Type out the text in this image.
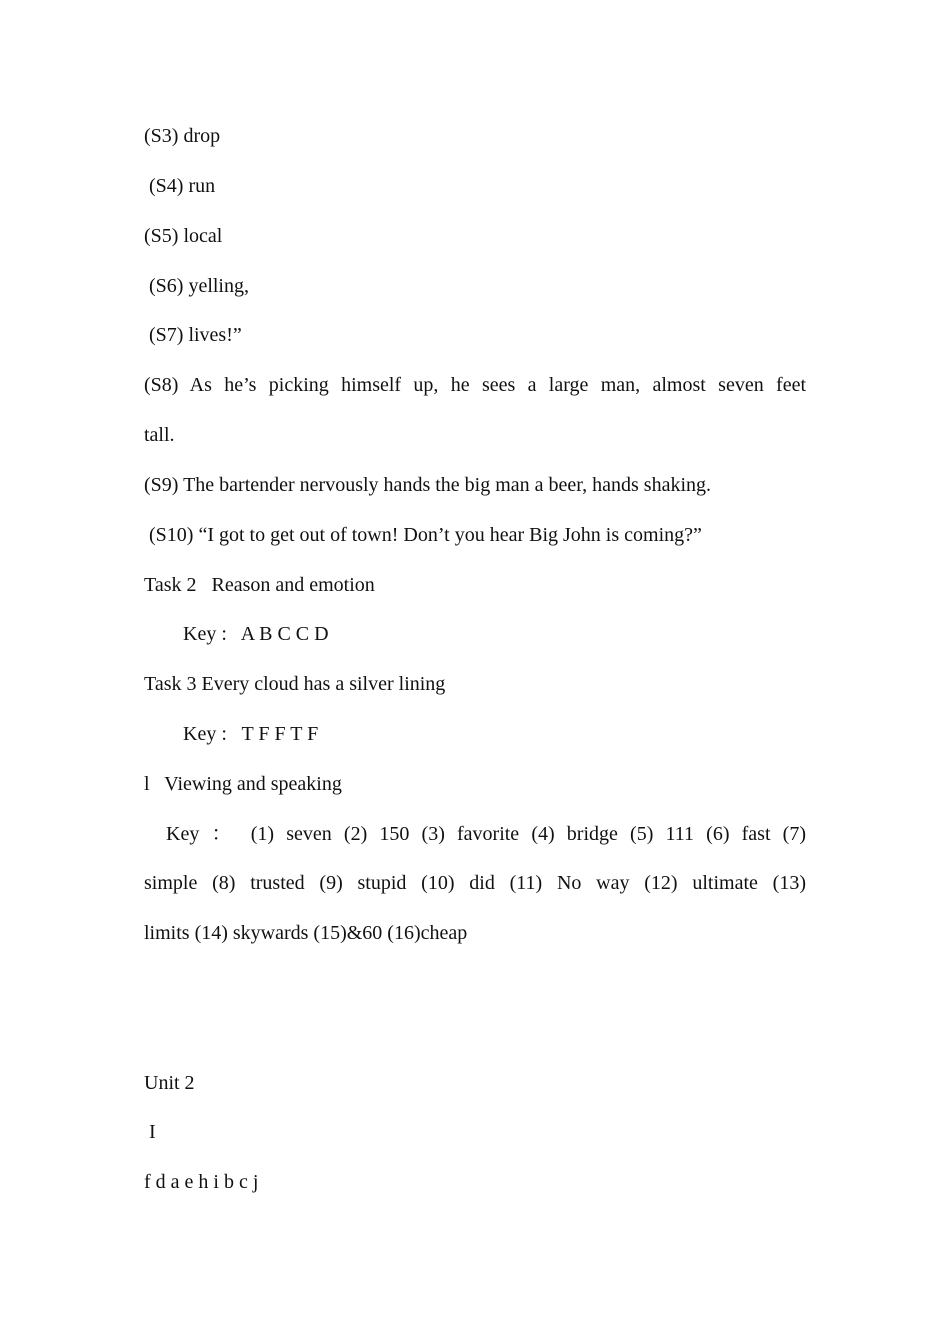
(S3) drop
(S4) run
(S5) local
(S6) yelling,
(S7) lives!”
(S8) As he’s picking himself up, he sees a large man, almost seven feet
tall.
(S9) The bartender nervously hands the big man a beer, hands shaking.
(S10) “I got to get out of town! Don’t you hear Big John is coming?”
Task 2   Reason and emotion
Key :   A B C C D
Task 3 Every cloud has a silver lining
Key :   T F F T F
l   Viewing and speaking
Key ： (1) seven (2) 150 (3) favorite (4) bridge (5) 111 (6) fast (7)
simple (8) trusted (9) stupid (10) did (11) No way (12) ultimate (13)
limits (14) skywards (15)&60 (16)cheap
Unit 2
I
f d a e h i b c j
